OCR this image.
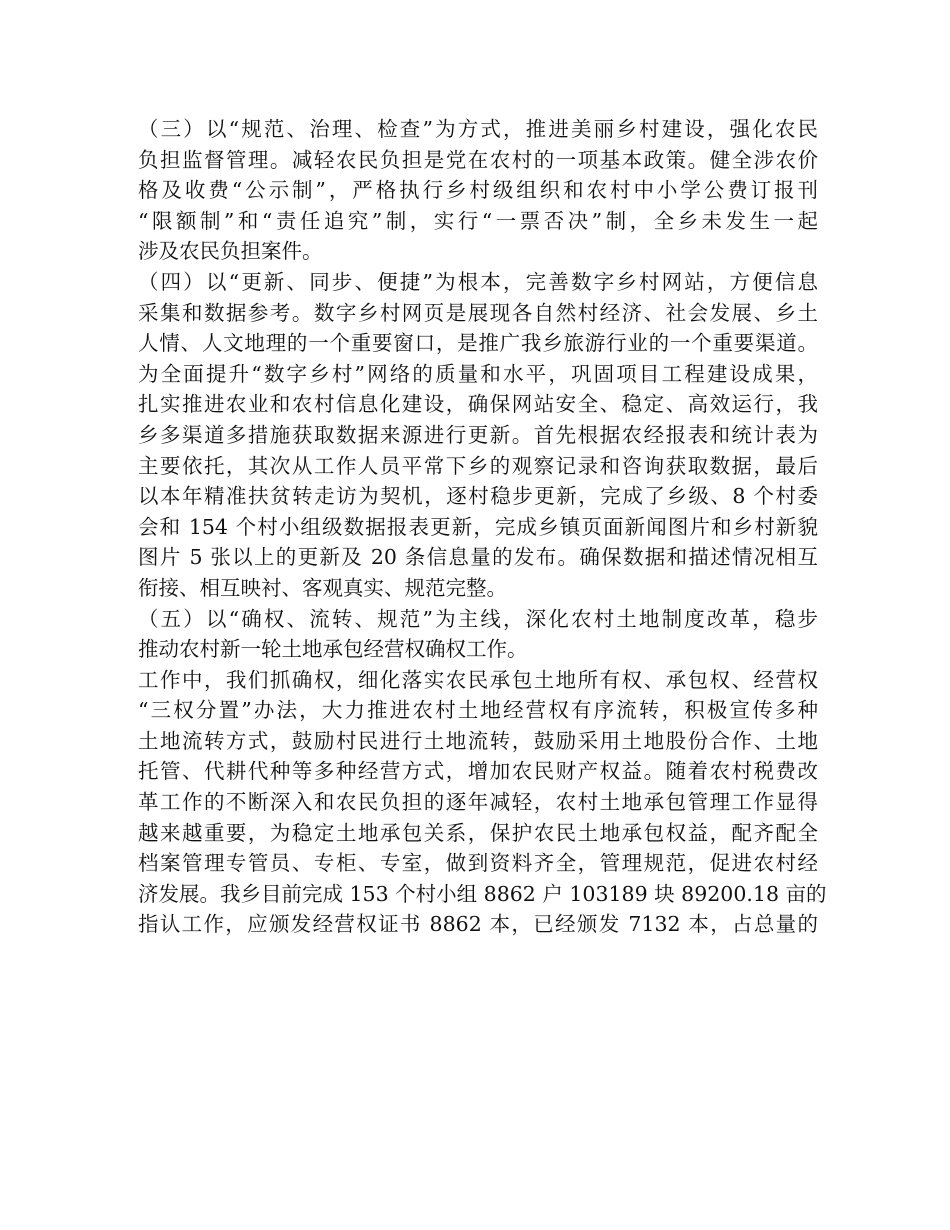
（三）以“规范、治理、检查”为方式，推进美丽乡村建设，强化农民
负担监督管理。减轻农民负担是党在农村的一项基本政策。健全涉农价
格及收费“公示制”，严格执行乡村级组织和农村中小学公费订报刊
“限额制”和“责任追究”制，实行“一票否决”制，全乡未发生一起
涉及农民负担案件。
（四）以“更新、同步、便捷”为根本，完善数字乡村网站，方便信息
采集和数据参考。数字乡村网页是展现各自然村经济、社会发展、乡土
人情、人文地理的一个重要窗口，是推广我乡旅游行业的一个重要渠道。
为全面提升“数字乡村”网络的质量和水平，巩固项目工程建设成果，
扎实推进农业和农村信息化建设，确保网站安全、稳定、高效运行，我
乡多渠道多措施获取数据来源进行更新。首先根据农经报表和统计表为
主要依托，其次从工作人员平常下乡的观察记录和咨询获取数据，最后
以本年精准扶贫转走访为契机，逐村稳步更新，完成了乡级、8 个村委
会和 154 个村小组级数据报表更新，完成乡镇页面新闻图片和乡村新貌
图片 5 张以上的更新及 20 条信息量的发布。确保数据和描述情况相互
衔接、相互映衬、客观真实、规范完整。
（五）以“确权、流转、规范”为主线，深化农村土地制度改革，稳步
推动农村新一轮土地承包经营权确权工作。
工作中，我们抓确权，细化落实农民承包土地所有权、承包权、经营权
“三权分置”办法，大力推进农村土地经营权有序流转，积极宣传多种
土地流转方式，鼓励村民进行土地流转，鼓励采用土地股份合作、土地
托管、代耕代种等多种经营方式，增加农民财产权益。随着农村税费改
革工作的不断深入和农民负担的逐年减轻，农村土地承包管理工作显得
越来越重要，为稳定土地承包关系，保护农民土地承包权益，配齐配全
档案管理专管员、专柜、专室，做到资料齐全，管理规范，促进农村经
济发展。我乡目前完成 153 个村小组 8862 户 103189 块 89200.18 亩的
指认工作，应颁发经营权证书 8862 本，已经颁发 7132 本，占总量的
